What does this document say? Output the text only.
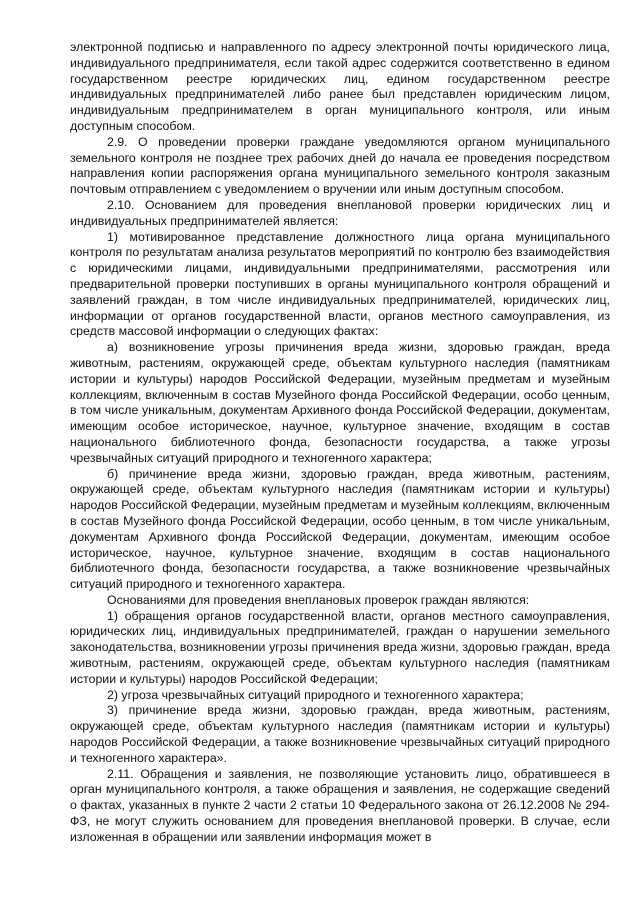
электронной подписью и направленного по адресу электронной почты юридического лица, индивидуального предпринимателя, если такой адрес содержится соответственно в едином государственном реестре юридических лиц, едином государственном реестре индивидуальных предпринимателей либо ранее был представлен юридическим лицом, индивидуальным предпринимателем в орган муниципального контроля, или иным доступным способом.

2.9. О проведении проверки граждане уведомляются органом муниципального земельного контроля не позднее трех рабочих дней до начала ее проведения посредством направления копии распоряжения органа муниципального земельного контроля заказным почтовым отправлением с уведомлением о вручении или иным доступным способом.

2.10. Основанием для проведения внеплановой проверки юридических лиц и индивидуальных предпринимателей является:

1) мотивированное представление должностного лица органа муниципального контроля по результатам анализа результатов мероприятий по контролю без взаимодействия с юридическими лицами, индивидуальными предпринимателями, рассмотрения или предварительной проверки поступивших в органы муниципального контроля обращений и заявлений граждан, в том числе индивидуальных предпринимателей, юридических лиц, информации от органов государственной власти, органов местного самоуправления, из средств массовой информации о следующих фактах:

а) возникновение угрозы причинения вреда жизни, здоровью граждан, вреда животным, растениям, окружающей среде, объектам культурного наследия (памятникам истории и культуры) народов Российской Федерации, музейным предметам и музейным коллекциям, включенным в состав Музейного фонда Российской Федерации, особо ценным, в том числе уникальным, документам Архивного фонда Российской Федерации, документам, имеющим особое историческое, научное, культурное значение, входящим в состав национального библиотечного фонда, безопасности государства, а также угрозы чрезвычайных ситуаций природного и техногенного характера;

б) причинение вреда жизни, здоровью граждан, вреда животным, растениям, окружающей среде, объектам культурного наследия (памятникам истории и культуры) народов Российской Федерации, музейным предметам и музейным коллекциям, включенным в состав Музейного фонда Российской Федерации, особо ценным, в том числе уникальным, документам Архивного фонда Российской Федерации, документам, имеющим особое историческое, научное, культурное значение, входящим в состав национального библиотечного фонда, безопасности государства, а также возникновение чрезвычайных ситуаций природного и техногенного характера.

Основаниями для проведения внеплановых проверок граждан являются:

1) обращения органов государственной власти, органов местного самоуправления, юридических лиц, индивидуальных предпринимателей, граждан о нарушении земельного законодательства, возникновении угрозы причинения вреда жизни, здоровью граждан, вреда животным, растениям, окружающей среде, объектам культурного наследия (памятникам истории и культуры) народов Российской Федерации;

2) угроза чрезвычайных ситуаций природного и техногенного характера;

3) причинение вреда жизни, здоровью граждан, вреда животным, растениям, окружающей среде, объектам культурного наследия (памятникам истории и культуры) народов Российской Федерации, а также возникновение чрезвычайных ситуаций природного и техногенного характера».

2.11. Обращения и заявления, не позволяющие установить лицо, обратившееся в орган муниципального контроля, а также обращения и заявления, не содержащие сведений о фактах, указанных в пункте 2 части 2 статьи 10 Федерального закона от 26.12.2008 № 294-ФЗ, не могут служить основанием для проведения внеплановой проверки. В случае, если изложенная в обращении или заявлении информация может в
